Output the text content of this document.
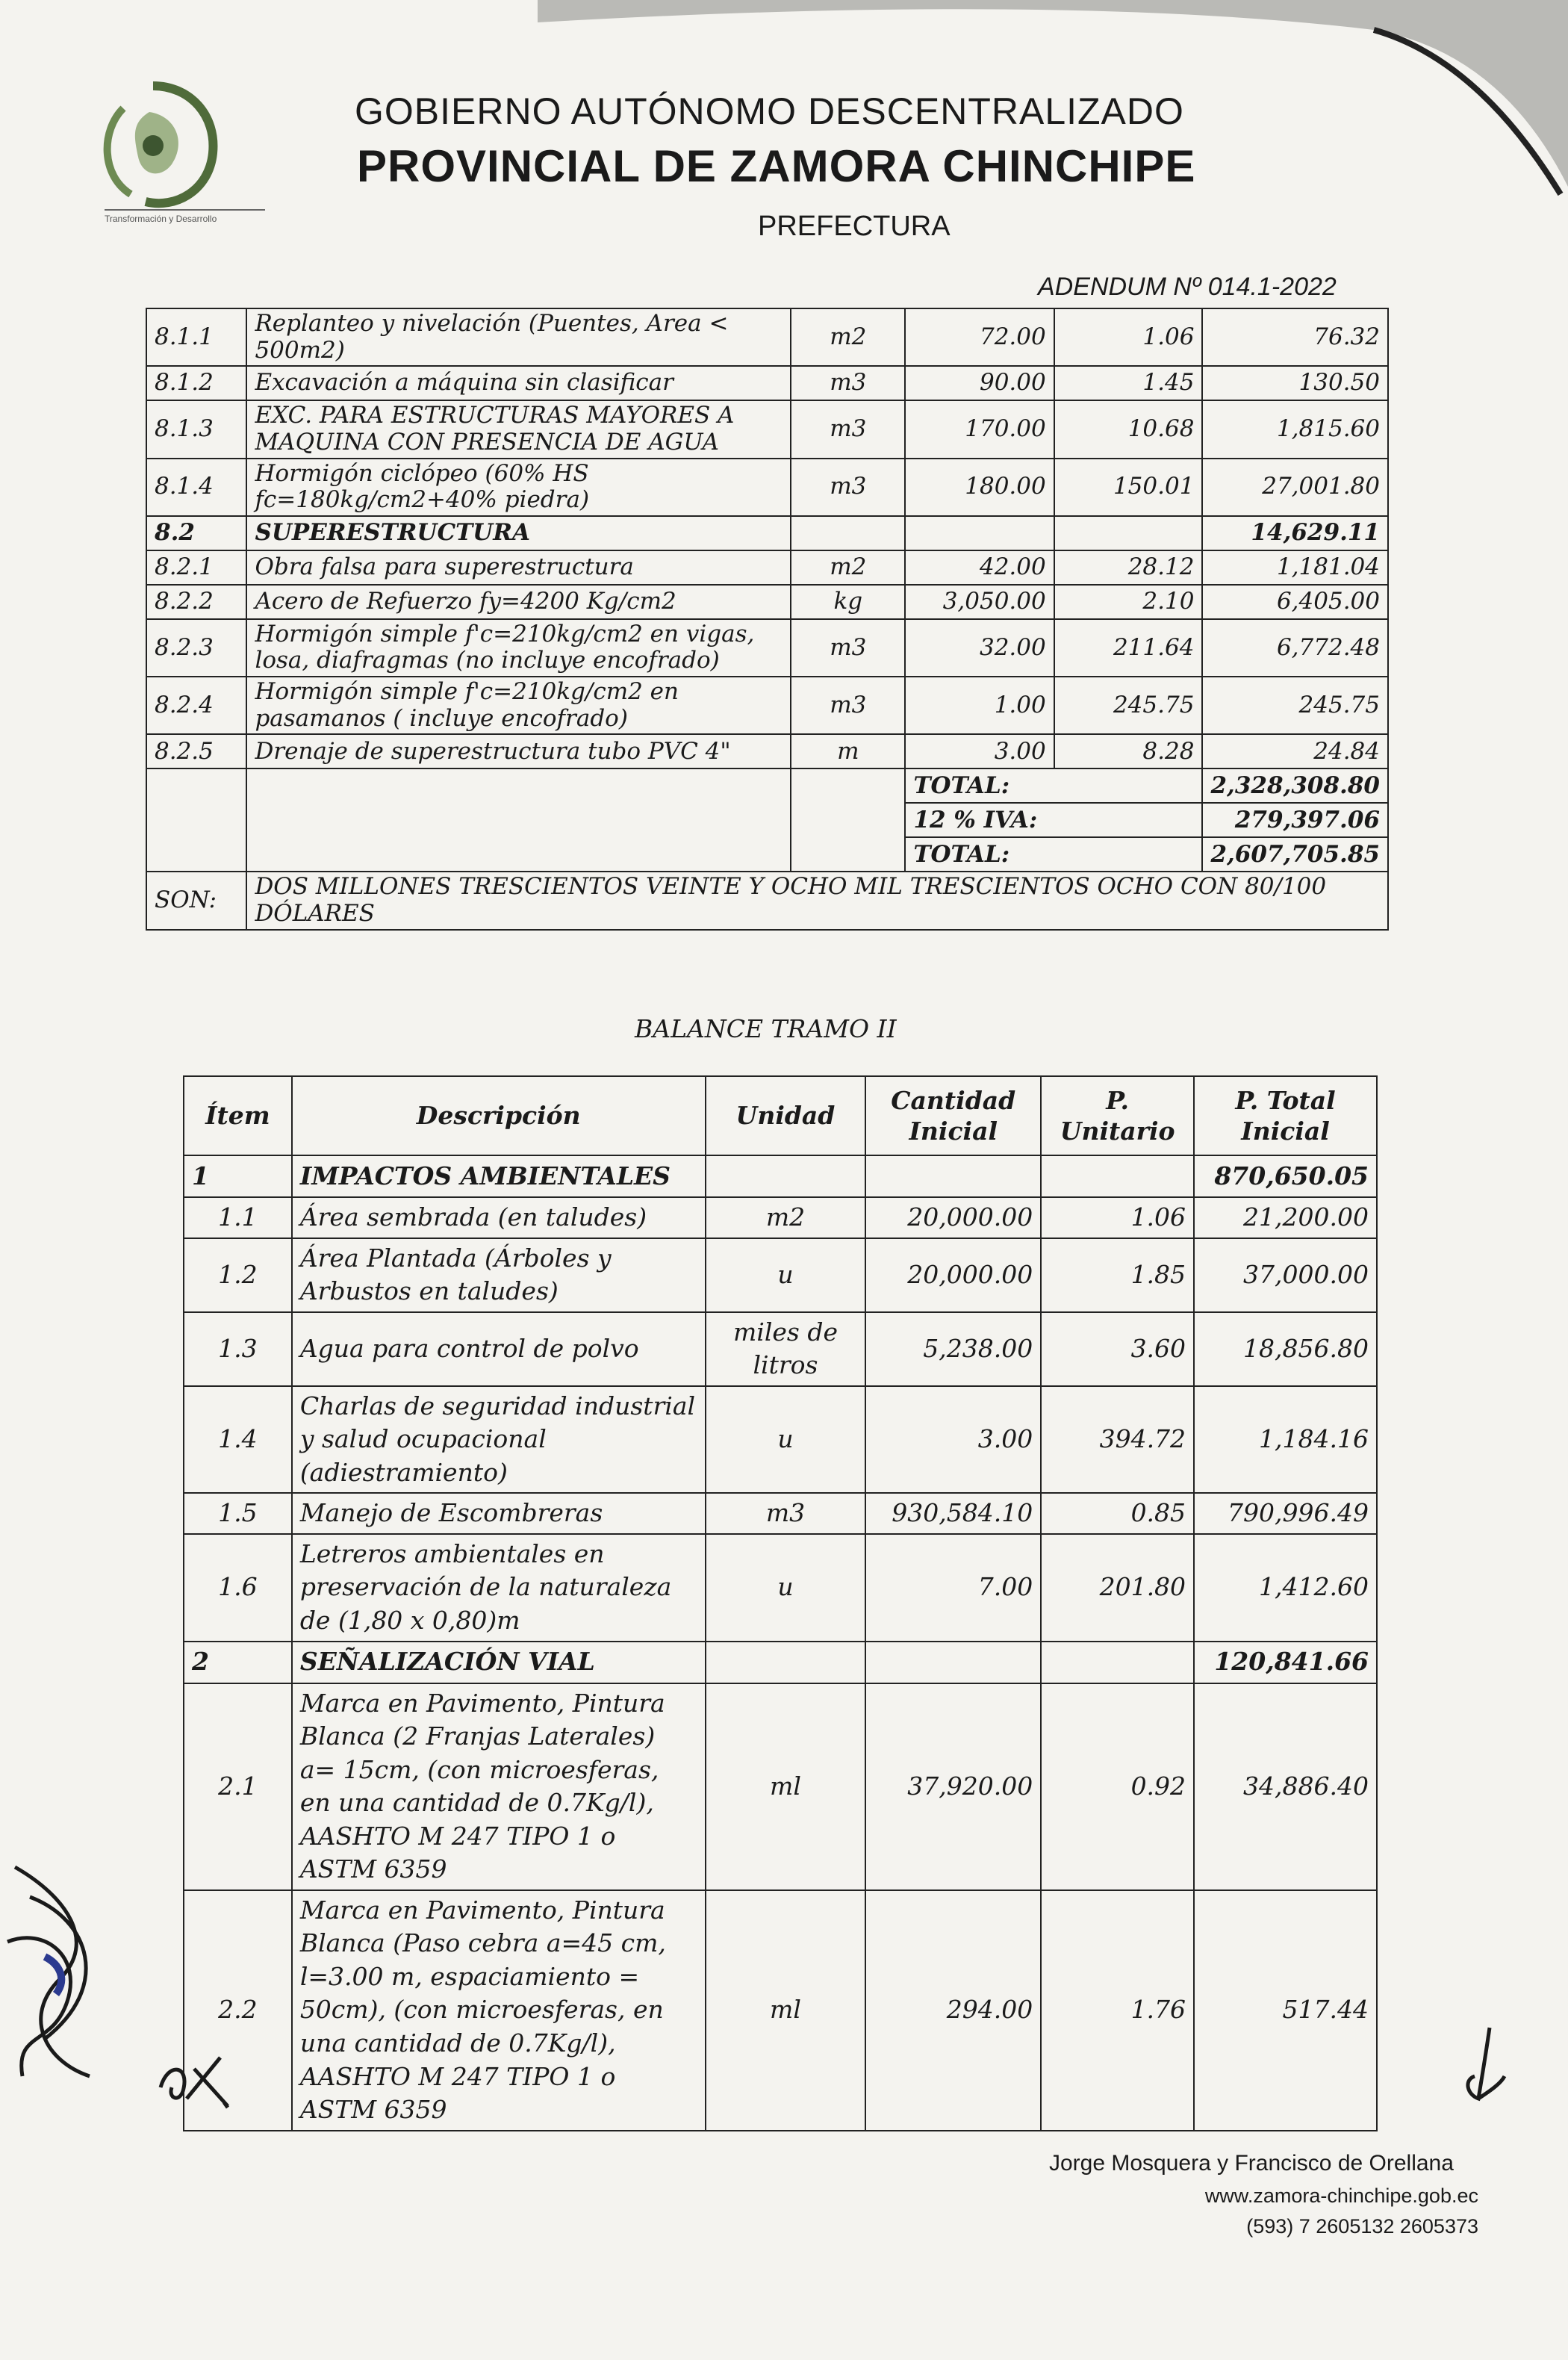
Transformación y Desarrollo
GOBIERNO AUTÓNOMO DESCENTRALIZADO
PROVINCIAL DE ZAMORA CHINCHIPE
PREFECTURA
ADENDUM Nº 014.1-2022
8.1.1	Replanteo y nivelación (Puentes, Area < 500m2)	m2	72.00	1.06	76.32
8.1.2	Excavación a máquina sin clasificar	m3	90.00	1.45	130.50
8.1.3	EXC. PARA ESTRUCTURAS MAYORES A MAQUINA CON PRESENCIA DE AGUA	m3	170.00	10.68	1,815.60
8.1.4	Hormigón ciclópeo (60% HS fc=180kg/cm2+40% piedra)	m3	180.00	150.01	27,001.80
8.2	SUPERESTRUCTURA				14,629.11
8.2.1	Obra falsa para superestructura	m2	42.00	28.12	1,181.04
8.2.2	Acero de Refuerzo fy=4200 Kg/cm2	kg	3,050.00	2.10	6,405.00
8.2.3	Hormigón simple f'c=210kg/cm2 en vigas, losa, diafragmas (no incluye encofrado)	m3	32.00	211.64	6,772.48
8.2.4	Hormigón simple f'c=210kg/cm2 en pasamanos ( incluye encofrado)	m3	1.00	245.75	245.75
8.2.5	Drenaje de superestructura tubo PVC 4"	m	3.00	8.28	24.84
			TOTAL:		2,328,308.80
			12 % IVA:		279,397.06
			TOTAL:		2,607,705.85
SON:	DOS MILLONES TRESCIENTOS VEINTE Y OCHO MIL TRESCIENTOS OCHO CON 80/100 DÓLARES				
BALANCE TRAMO II
Ítem	Descripción	Unidad	Cantidad Inicial	P. Unitario	P. Total Inicial
1	IMPACTOS AMBIENTALES				870,650.05
1.1	Área sembrada (en taludes)	m2	20,000.00	1.06	21,200.00
1.2	Área Plantada (Árboles y Arbustos en taludes)	u	20,000.00	1.85	37,000.00
1.3	Agua para control de polvo	miles de litros	5,238.00	3.60	18,856.80
1.4	Charlas de seguridad industrial y salud ocupacional (adiestramiento)	u	3.00	394.72	1,184.16
1.5	Manejo de Escombreras	m3	930,584.10	0.85	790,996.49
1.6	Letreros ambientales en preservación de la naturaleza de (1,80 x 0,80)m	u	7.00	201.80	1,412.60
2	SEÑALIZACIÓN VIAL				120,841.66
2.1	Marca en Pavimento, Pintura Blanca (2 Franjas Laterales) a= 15cm, (con microesferas, en una cantidad de 0.7Kg/l), AASHTO M 247 TIPO 1 o ASTM 6359	ml	37,920.00	0.92	34,886.40
2.2	Marca en Pavimento, Pintura Blanca (Paso cebra a=45 cm, l=3.00 m, espaciamiento = 50cm), (con microesferas, en una cantidad de 0.7Kg/l), AASHTO M 247 TIPO 1 o ASTM 6359	ml	294.00	1.76	517.44
Jorge Mosquera y Francisco de Orellana
www.zamora-chinchipe.gob.ec
(593) 7 2605132 2605373
